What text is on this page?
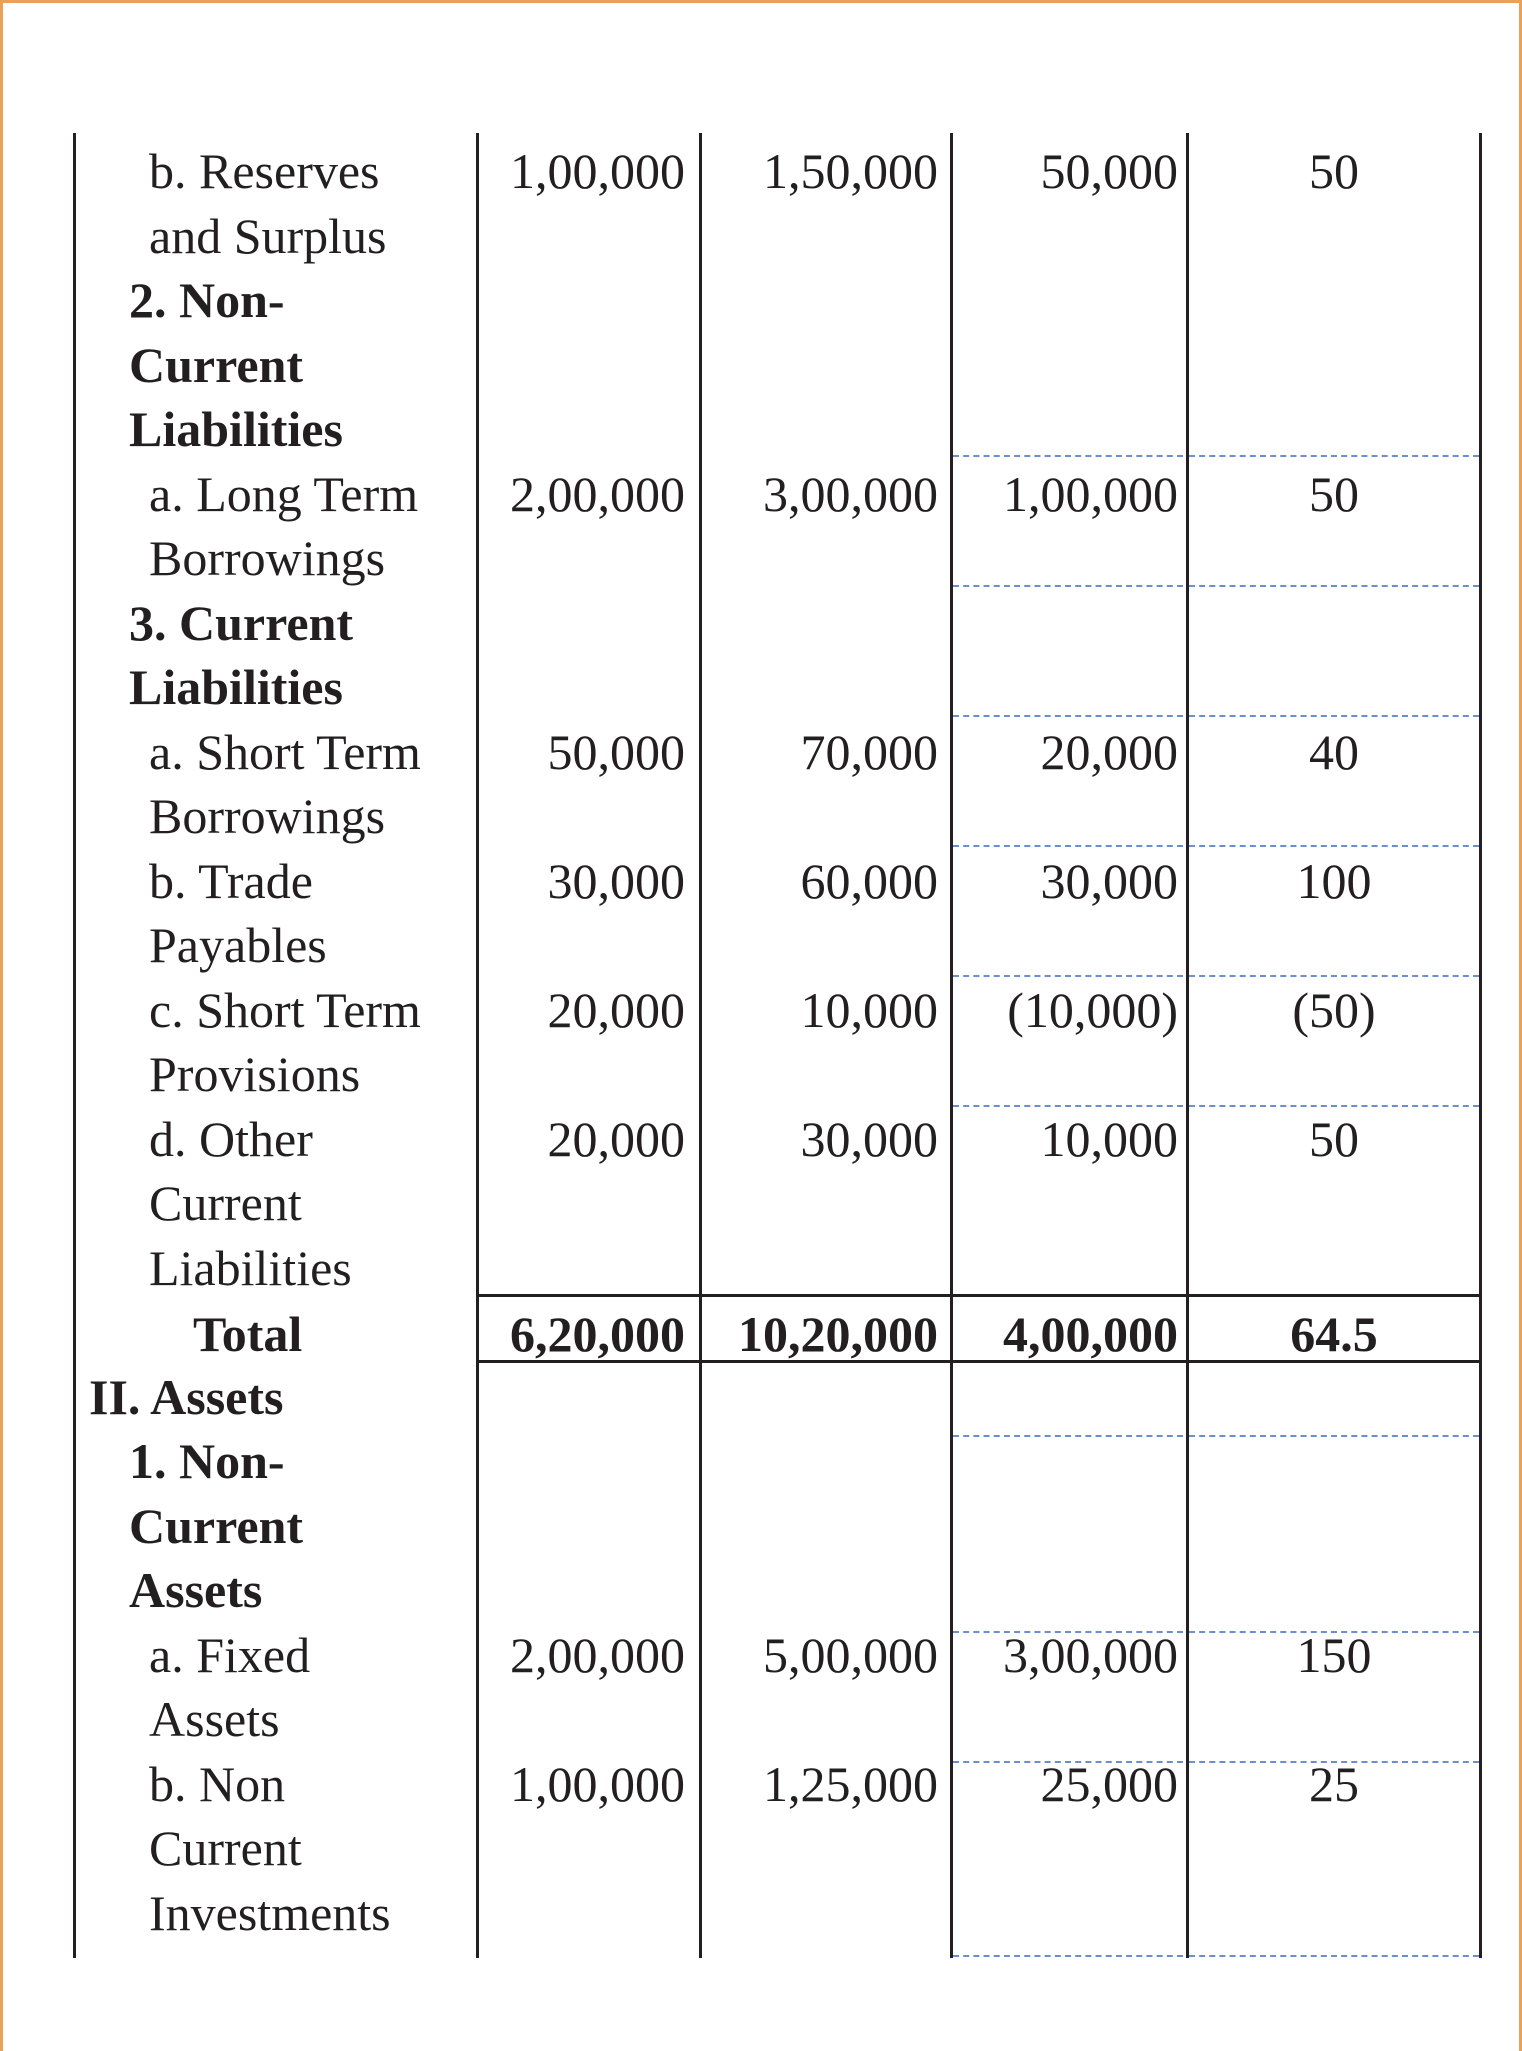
b. Reserves
and Surplus
1,00,000	1,50,000	50,000	50
2. Non-
Current
Liabilities
a. Long Term
Borrowings
2,00,000	3,00,000	1,00,000	50
3. Current
Liabilities
a. Short Term
Borrowings
50,000	70,000	20,000	40
b. Trade
Payables
30,000	60,000	30,000	100
c. Short Term
Provisions
20,000	10,000	(10,000)	(50)
d. Other
Current
Liabilities
20,000	30,000	10,000	50
Total	6,20,000	10,20,000	4,00,000	64.5
II. Assets
1. Non-
Current
Assets
a. Fixed
Assets
2,00,000	5,00,000	3,00,000	150
b. Non
Current
Investments
1,00,000	1,25,000	25,000	25
